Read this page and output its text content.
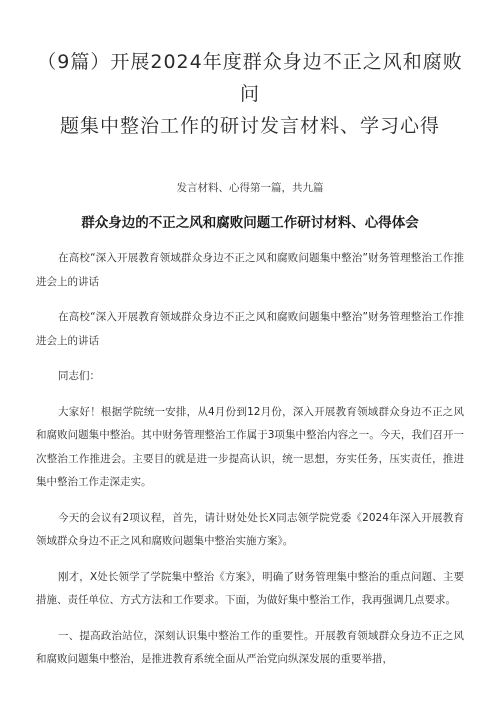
（9篇）开展2024年度群众身边不正之风和腐败问
题集中整治工作的研讨发言材料、学习心得

发言材料、心得第一篇，共九篇

群众身边的不正之风和腐败问题工作研讨材料、心得体会

在高校“深入开展教育领域群众身边不正之风和腐败问题集中整治”财务管理整治工作推进会上的讲话

在高校“深入开展教育领域群众身边不正之风和腐败问题集中整治”财务管理整治工作推进会上的讲话

同志们：

大家好！根据学院统一安排，从4月份到12月份，深入开展教育领域群众身边不正之风和腐败问题集中整治。其中财务管理整治工作属于3项集中整治内容之一。今天，我们召开一次整治工作推进会。主要目的就是进一步提高认识，统一思想，夯实任务，压实责任，推进集中整治工作走深走实。

今天的会议有2项议程，首先，请计财处处长X同志领学院党委《2024年深入开展教育领域群众身边不正之风和腐败问题集中整治实施方案》。

刚才，X处长领学了学院集中整治《方案》，明确了财务管理集中整治的重点问题、主要措施、责任单位、方式方法和工作要求。下面，为做好集中整治工作，我再强调几点要求。

一、提高政治站位，深刻认识集中整治工作的重要性。开展教育领域群众身边不正之风和腐败问题集中整治，是推进教育系统全面从严治党向纵深发展的重要举措，
